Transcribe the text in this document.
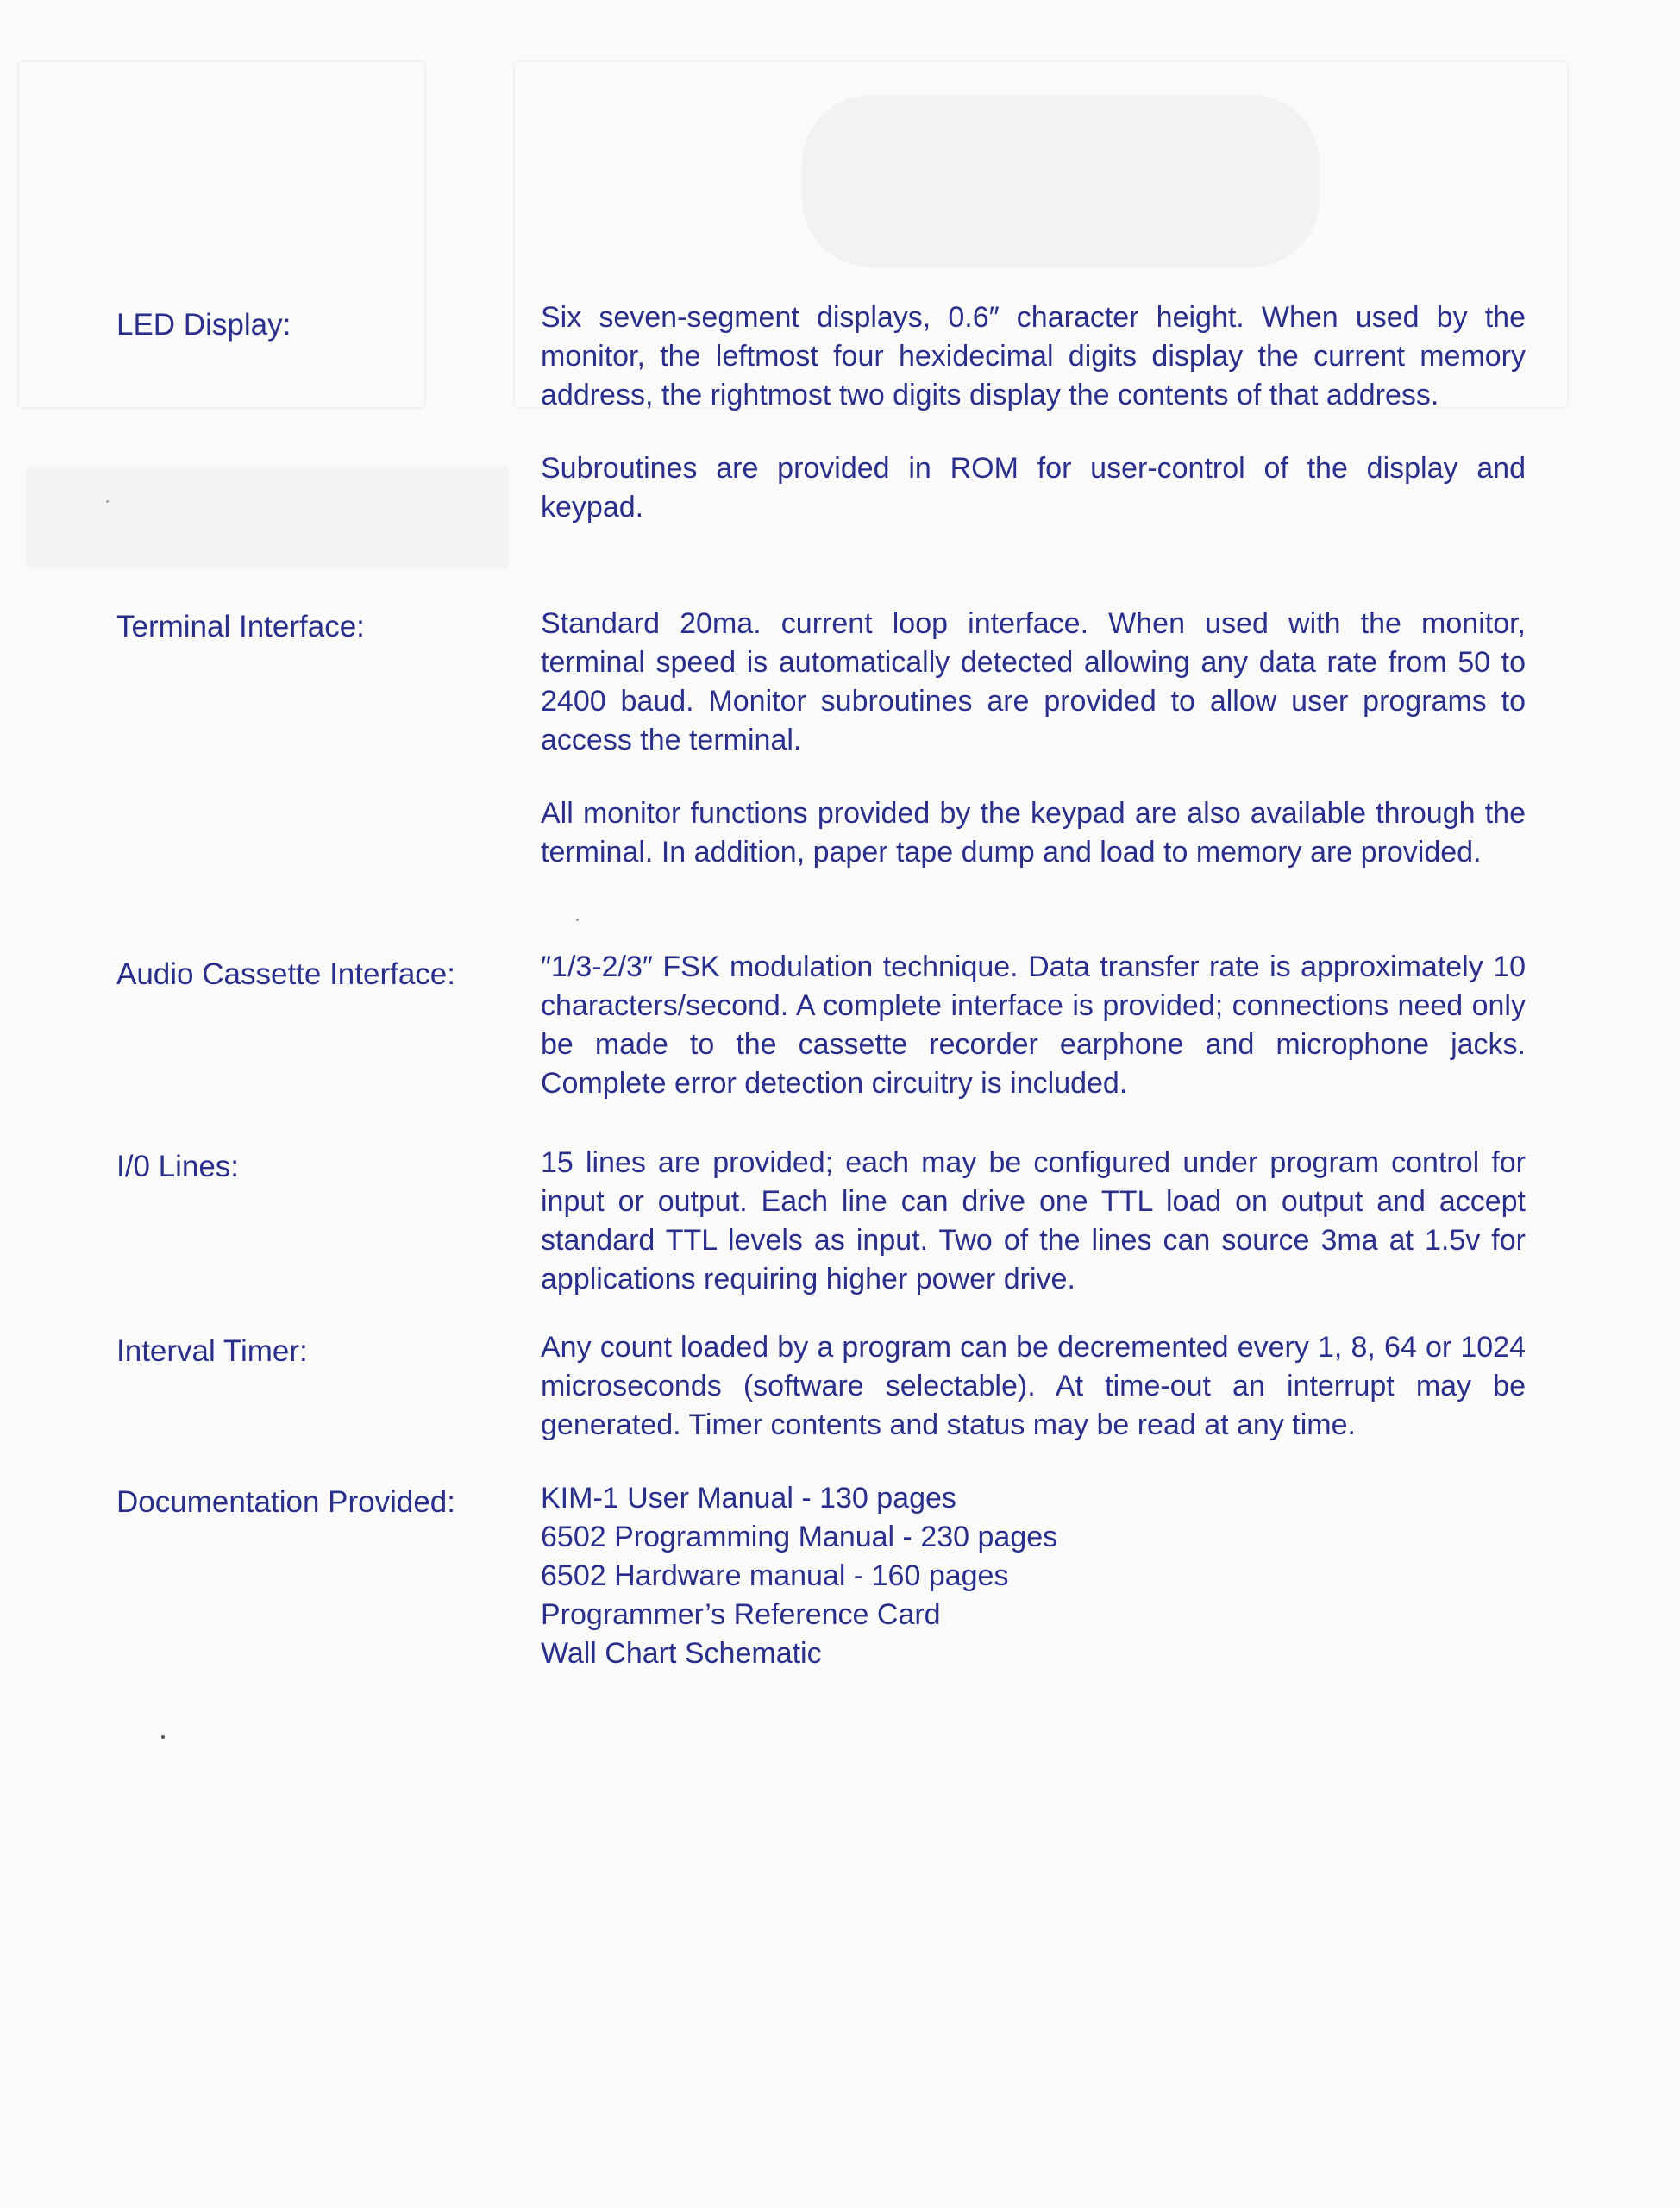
LED Display:	Six seven-segment displays, 0.6″ character height. When used by the monitor, the leftmost four hexidecimal digits display the current memory address, the rightmost two digits display the contents of that address.

Subroutines are provided in ROM for user-control of the display and keypad.

Terminal Interface:	Standard 20ma. current loop interface. When used with the monitor, terminal speed is automatically detected allowing any data rate from 50 to 2400 baud. Monitor subroutines are provided to allow user programs to access the terminal.

All monitor functions provided by the keypad are also available through the terminal. In addition, paper tape dump and load to memory are provided.

Audio Cassette Interface:	″1/3-2/3″ FSK modulation technique. Data transfer rate is approximately 10 characters/second. A complete interface is provided; connections need only be made to the cassette recorder earphone and microphone jacks. Complete error detection circuitry is included.

I/0 Lines:	15 lines are provided; each may be configured under program control for input or output. Each line can drive one TTL load on output and accept standard TTL levels as input. Two of the lines can source 3ma at 1.5v for applications requiring higher power drive.

Interval Timer:	Any count loaded by a program can be decremented every 1, 8, 64 or 1024 microseconds (software selectable). At time-out an interrupt may be generated. Timer contents and status may be read at any time.

Documentation Provided:	KIM-1 User Manual - 130 pages
6502 Programming Manual - 230 pages
6502 Hardware manual - 160 pages
Programmer’s Reference Card
Wall Chart Schematic
